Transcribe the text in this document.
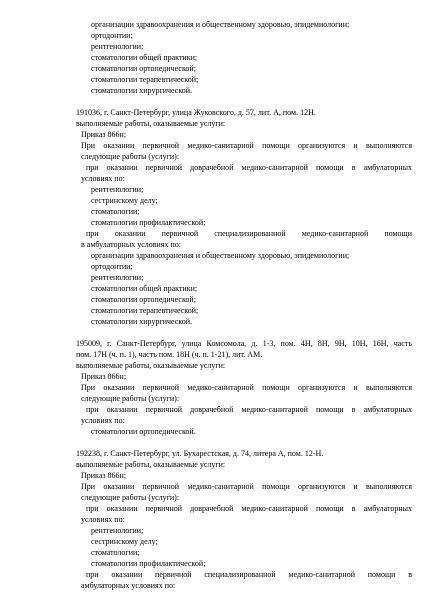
организации здравоохранения и общественному здоровью, эпидемиологии;
ортодонтии;
рентгенологии;
стоматологии общей практики;
стоматологии ортопедической;
стоматологии терапевтической;
стоматологии хирургической.
191036, г. Санкт-Петербург, улица Жуковского, д. 57, лит. А, пом. 12Н.
выполняемые работы, оказываемые услуги:
Приказ 866н;
При оказании первичной медико-санитарной помощи организуются и выполняются
следующие работы (услуги):
при оказании первичной доврачебной медико-санитарной помощи в амбулаторных
условиях по:
рентгенологии;
сестринскому делу;
стоматологии;
стоматологии профилактической;
при оказании первичной специализированной медико-санитарной помощи
в амбулаторных условиях по:
организации здравоохранения и общественному здоровью, эпидемиологии;
ортодонтии;
рентгенологии;
стоматологии общей практики;
стоматологии ортопедической;
стоматологии терапевтической;
стоматологии хирургической.
195009, г. Санкт-Петербург, улица Комсомола, д. 1-3, пом. 4Н, 8Н, 9Н, 10Н, 16Н, часть
пом. 17Н (ч. п. 1), часть пом. 18Н (ч. п. 1-21), лит. АМ.
выполняемые работы, оказываемые услуги:
Приказ 866н;
При оказании первичной медико-санитарной помощи организуются и выполняются
следующие работы (услуги):
при оказании первичной доврачебной медико-санитарной помощи в амбулаторных
условиях по:
стоматологии ортопедической.
192238, г. Санкт-Петербург, ул. Бухарестская, д. 74, литера А, пом. 12-Н.
выполняемые работы, оказываемые услуги:
Приказ 866н;
При оказании первичной медико-санитарной помощи организуются и выполняются
следующие работы (услуги):
при оказании первичной доврачебной медико-санитарной помощи в амбулаторных
условиях по:
рентгенологии;
сестринскому делу;
стоматологии;
стоматологии профилактической;
при оказании первичной специализированной медико-санитарной помощи в
амбулаторных условиях по:
